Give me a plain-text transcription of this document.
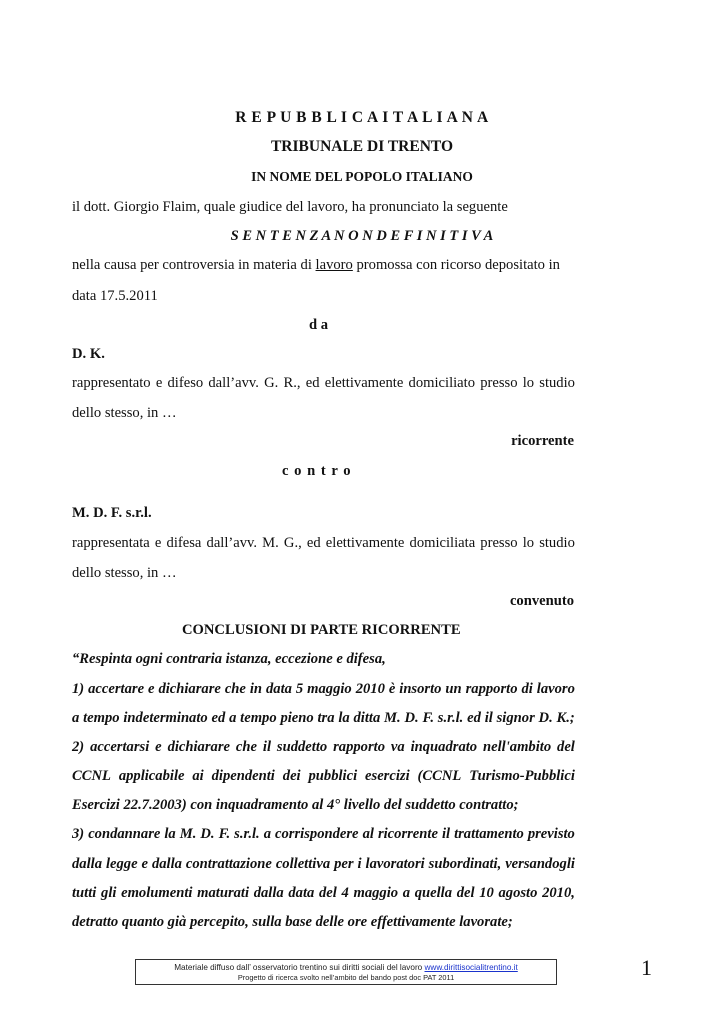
R E P U B B L I C A I T A L I A N A
TRIBUNALE DI TRENTO
IN NOME DEL POPOLO ITALIANO
il dott. Giorgio Flaim, quale giudice del lavoro, ha pronunciato la seguente
S E N T E N Z A N O N D E F I N I T I V A
nella causa per controversia in materia di lavoro promossa con ricorso depositato in
data 17.5.2011
d a
D. K.
rappresentato e difeso dall’avv. G. R., ed elettivamente domiciliato presso lo studio
dello stesso, in …
ricorrente
c o n t r o
M. D. F. s.r.l.
rappresentata e difesa dall’avv. M. G., ed elettivamente domiciliata presso lo studio
dello stesso, in …
convenuto
CONCLUSIONI DI PARTE RICORRENTE
“Respinta ogni contraria istanza, eccezione e difesa,
1) accertare e dichiarare che in data 5 maggio 2010 è insorto un rapporto di lavoro
a tempo indeterminato ed a tempo pieno tra la ditta M. D. F. s.r.l. ed il signor D. K.;
2) accertarsi e dichiarare che il suddetto rapporto va inquadrato nell'ambito del
CCNL applicabile ai dipendenti dei pubblici esercizi (CCNL Turismo-Pubblici
Esercizi 22.7.2003) con inquadramento al 4° livello del suddetto contratto;
3) condannare la M. D. F. s.r.l. a corrispondere al ricorrente il trattamento previsto
dalla legge e dalla contrattazione collettiva per i lavoratori subordinati, versandogli
tutti gli emolumenti maturati dalla data del 4 maggio a quella del 10 agosto 2010,
detratto quanto già percepito, sulla base delle ore effettivamente lavorate;
Materiale diffuso dall’ osservatorio trentino sui diritti sociali del lavoro www.dirittisocialitrentino.it
Progetto di ricerca svolto nell’ambito del bando post doc PAT 2011	1
